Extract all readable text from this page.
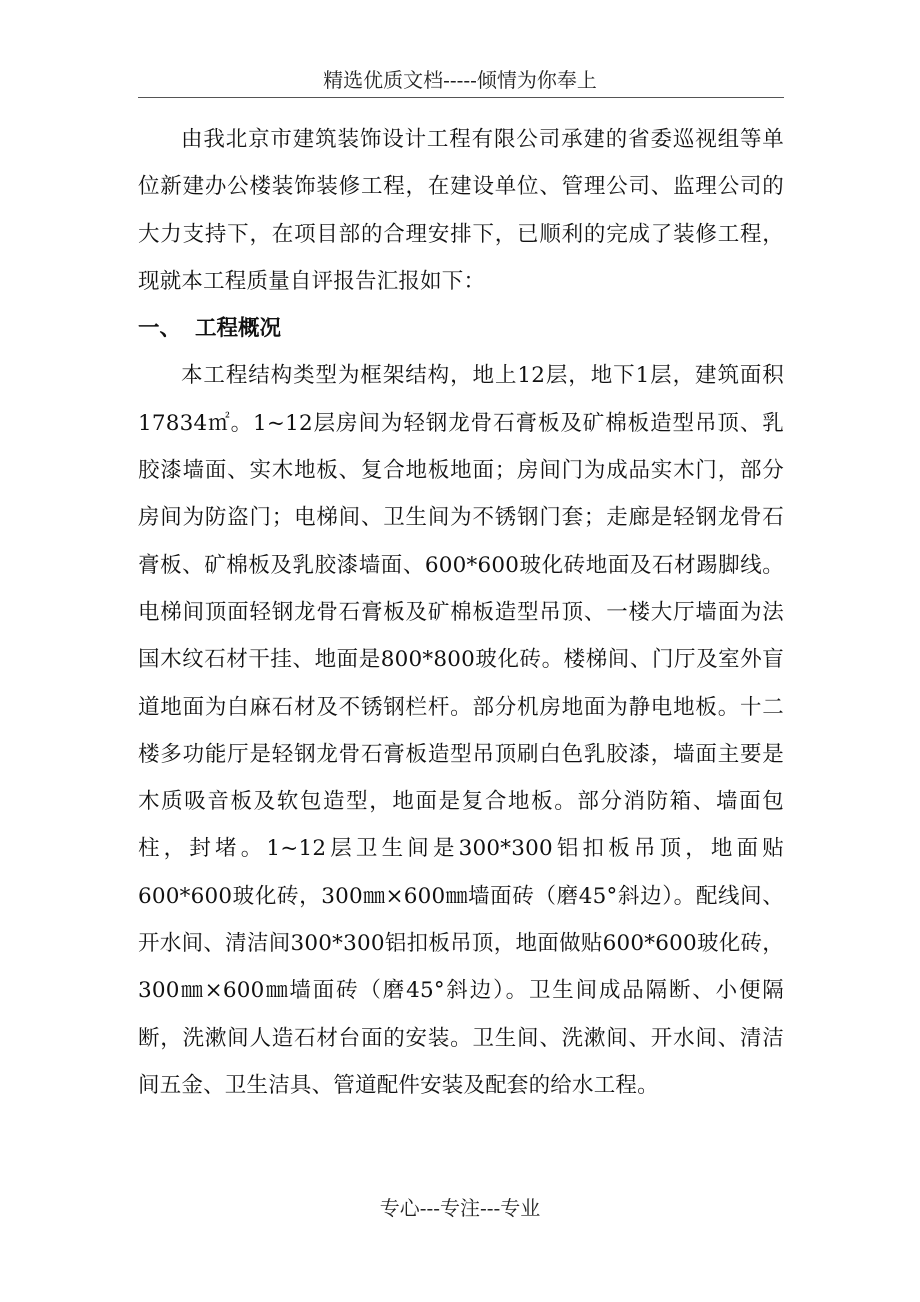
精选优质文档-----倾情为你奉上

由我北京市建筑装饰设计工程有限公司承建的省委巡视组等单位新建办公楼装饰装修工程，在建设单位、管理公司、监理公司的大力支持下，在项目部的合理安排下，已顺利的完成了装修工程，现就本工程质量自评报告汇报如下：

一、 工程概况

本工程结构类型为框架结构，地上12层，地下1层，建筑面积17834㎡。1~12层房间为轻钢龙骨石膏板及矿棉板造型吊顶、乳胶漆墙面、实木地板、复合地板地面；房间门为成品实木门，部分房间为防盗门；电梯间、卫生间为不锈钢门套；走廊是轻钢龙骨石膏板、矿棉板及乳胶漆墙面、600*600玻化砖地面及石材踢脚线。电梯间顶面轻钢龙骨石膏板及矿棉板造型吊顶、一楼大厅墙面为法国木纹石材干挂、地面是800*800玻化砖。楼梯间、门厅及室外盲道地面为白麻石材及不锈钢栏杆。部分机房地面为静电地板。十二楼多功能厅是轻钢龙骨石膏板造型吊顶刷白色乳胶漆，墙面主要是木质吸音板及软包造型，地面是复合地板。部分消防箱、墙面包柱，封堵。1~12层卫生间是300*300铝扣板吊顶，地面贴600*600玻化砖，300㎜×600㎜墙面砖（磨45°斜边）。配线间、开水间、清洁间300*300铝扣板吊顶，地面做贴600*600玻化砖，300㎜×600㎜墙面砖（磨45°斜边）。卫生间成品隔断、小便隔断，洗漱间人造石材台面的安装。卫生间、洗漱间、开水间、清洁间五金、卫生洁具、管道配件安装及配套的给水工程。

专心---专注---专业
